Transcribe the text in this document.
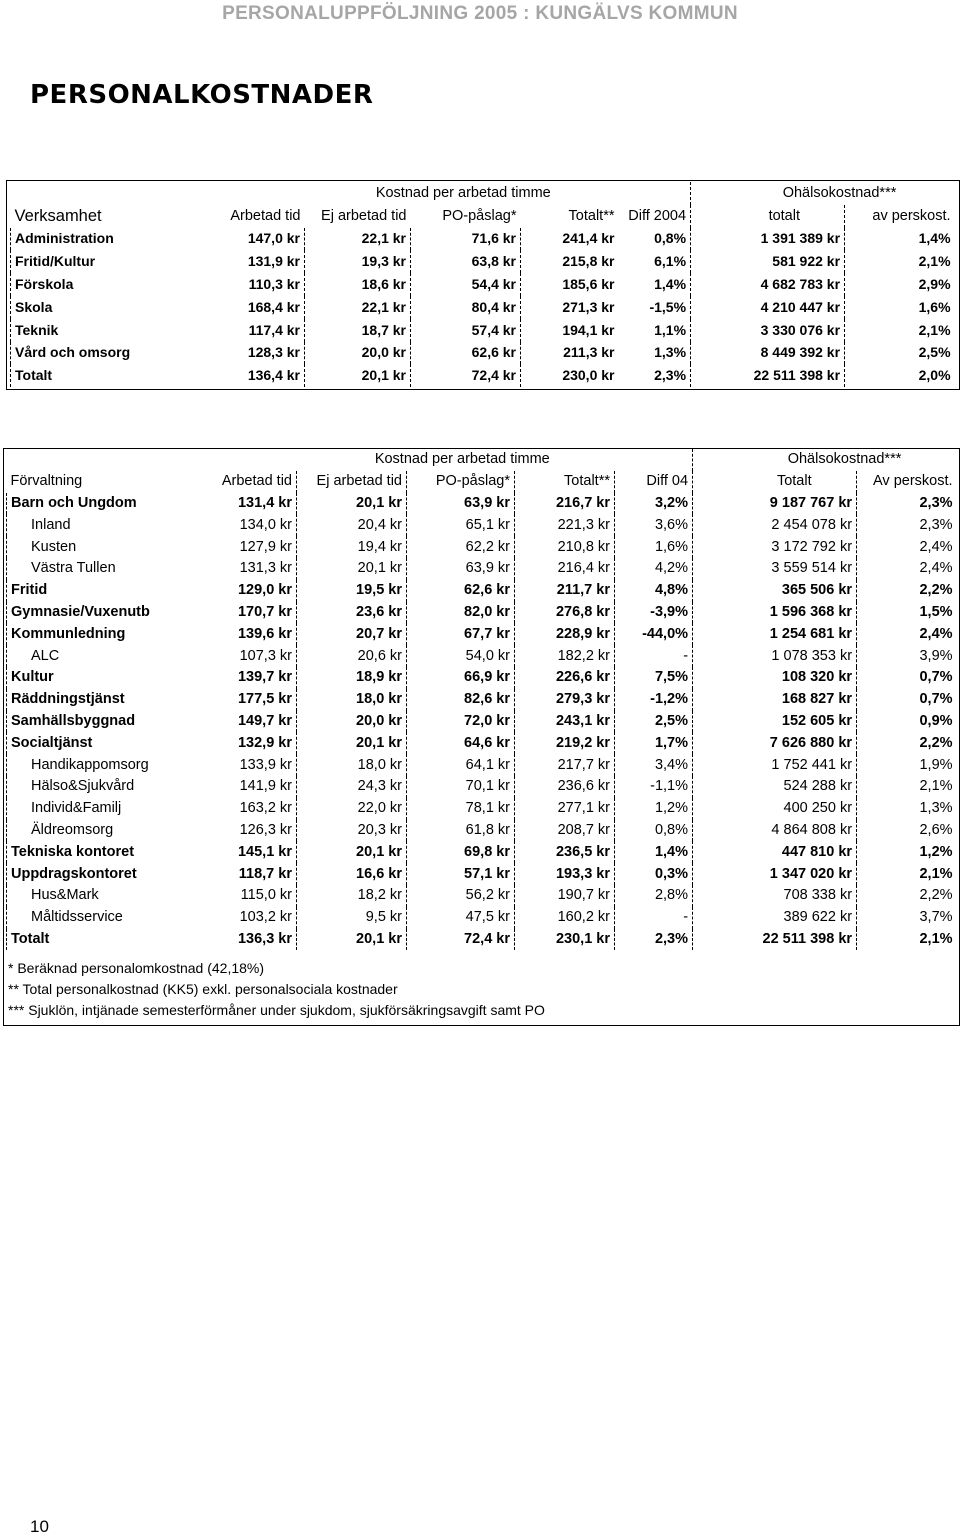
PERSONALUPPFÖLJNING 2005 : KUNGÄLVS KOMMUN
PERSONALKOSTNADER
	Kostnad per arbetad timme						Ohälsokostnad***	
Verksamhet	Arbetad tid	Ej arbetad tid	PO-påslag*	Totalt**	Diff 2004		totalt	av perskost.
Administration	147,0 kr	22,1 kr	71,6 kr	241,4 kr	0,8%		1 391 389 kr	1,4%
Fritid/Kultur	131,9 kr	19,3 kr	63,8 kr	215,8 kr	6,1%		581 922 kr	2,1%
Förskola	110,3 kr	18,6 kr	54,4 kr	185,6 kr	1,4%		4 682 783 kr	2,9%
Skola	168,4 kr	22,1 kr	80,4 kr	271,3 kr	-1,5%		4 210 447 kr	1,6%
Teknik	117,4 kr	18,7 kr	57,4 kr	194,1 kr	1,1%		3 330 076 kr	2,1%
Vård och omsorg	128,3 kr	20,0 kr	62,6 kr	211,3 kr	1,3%		8 449 392 kr	2,5%
Totalt	136,4 kr	20,1 kr	72,4 kr	230,0 kr	2,3%		22 511 398 kr	2,0%
	Kostnad per arbetad timme						Ohälsokostnad***	
Förvaltning	Arbetad tid	Ej arbetad tid	PO-påslag*	Totalt**	Diff 04		Totalt	Av perskost.
Barn och Ungdom	131,4 kr	20,1 kr	63,9 kr	216,7 kr	3,2%		9 187 767 kr	2,3%
Inland	134,0 kr	20,4 kr	65,1 kr	221,3 kr	3,6%		2 454 078 kr	2,3%
Kusten	127,9 kr	19,4 kr	62,2 kr	210,8 kr	1,6%		3 172 792 kr	2,4%
Västra Tullen	131,3 kr	20,1 kr	63,9 kr	216,4 kr	4,2%		3 559 514 kr	2,4%
Fritid	129,0 kr	19,5 kr	62,6 kr	211,7 kr	4,8%		365 506 kr	2,2%
Gymnasie/Vuxenutb	170,7 kr	23,6 kr	82,0 kr	276,8 kr	-3,9%		1 596 368 kr	1,5%
Kommunledning	139,6 kr	20,7 kr	67,7 kr	228,9 kr	-44,0%		1 254 681 kr	2,4%
ALC	107,3 kr	20,6 kr	54,0 kr	182,2 kr	-		1 078 353 kr	3,9%
Kultur	139,7 kr	18,9 kr	66,9 kr	226,6 kr	7,5%		108 320 kr	0,7%
Räddningstjänst	177,5 kr	18,0 kr	82,6 kr	279,3 kr	-1,2%		168 827 kr	0,7%
Samhällsbyggnad	149,7 kr	20,0 kr	72,0 kr	243,1 kr	2,5%		152 605 kr	0,9%
Socialtjänst	132,9 kr	20,1 kr	64,6 kr	219,2 kr	1,7%		7 626 880 kr	2,2%
Handikappomsorg	133,9 kr	18,0 kr	64,1 kr	217,7 kr	3,4%		1 752 441 kr	1,9%
Hälso&Sjukvård	141,9 kr	24,3 kr	70,1 kr	236,6 kr	-1,1%		524 288 kr	2,1%
Individ&Familj	163,2 kr	22,0 kr	78,1 kr	277,1 kr	1,2%		400 250 kr	1,3%
Äldreomsorg	126,3 kr	20,3 kr	61,8 kr	208,7 kr	0,8%		4 864 808 kr	2,6%
Tekniska kontoret	145,1 kr	20,1 kr	69,8 kr	236,5 kr	1,4%		447 810 kr	1,2%
Uppdragskontoret	118,7 kr	16,6 kr	57,1 kr	193,3 kr	0,3%		1 347 020 kr	2,1%
Hus&Mark	115,0 kr	18,2 kr	56,2 kr	190,7 kr	2,8%		708 338 kr	2,2%
Måltidsservice	103,2 kr	9,5 kr	47,5 kr	160,2 kr	-		389 622 kr	3,7%
Totalt	136,3 kr	20,1 kr	72,4 kr	230,1 kr	2,3%		22 511 398 kr	2,1%
* Beräknad personalomkostnad (42,18%)
** Total personalkostnad (KK5) exkl. personalsociala kostnader
*** Sjuklön, intjänade semesterförmåner under sjukdom, sjukförsäkringsavgift samt PO
10
